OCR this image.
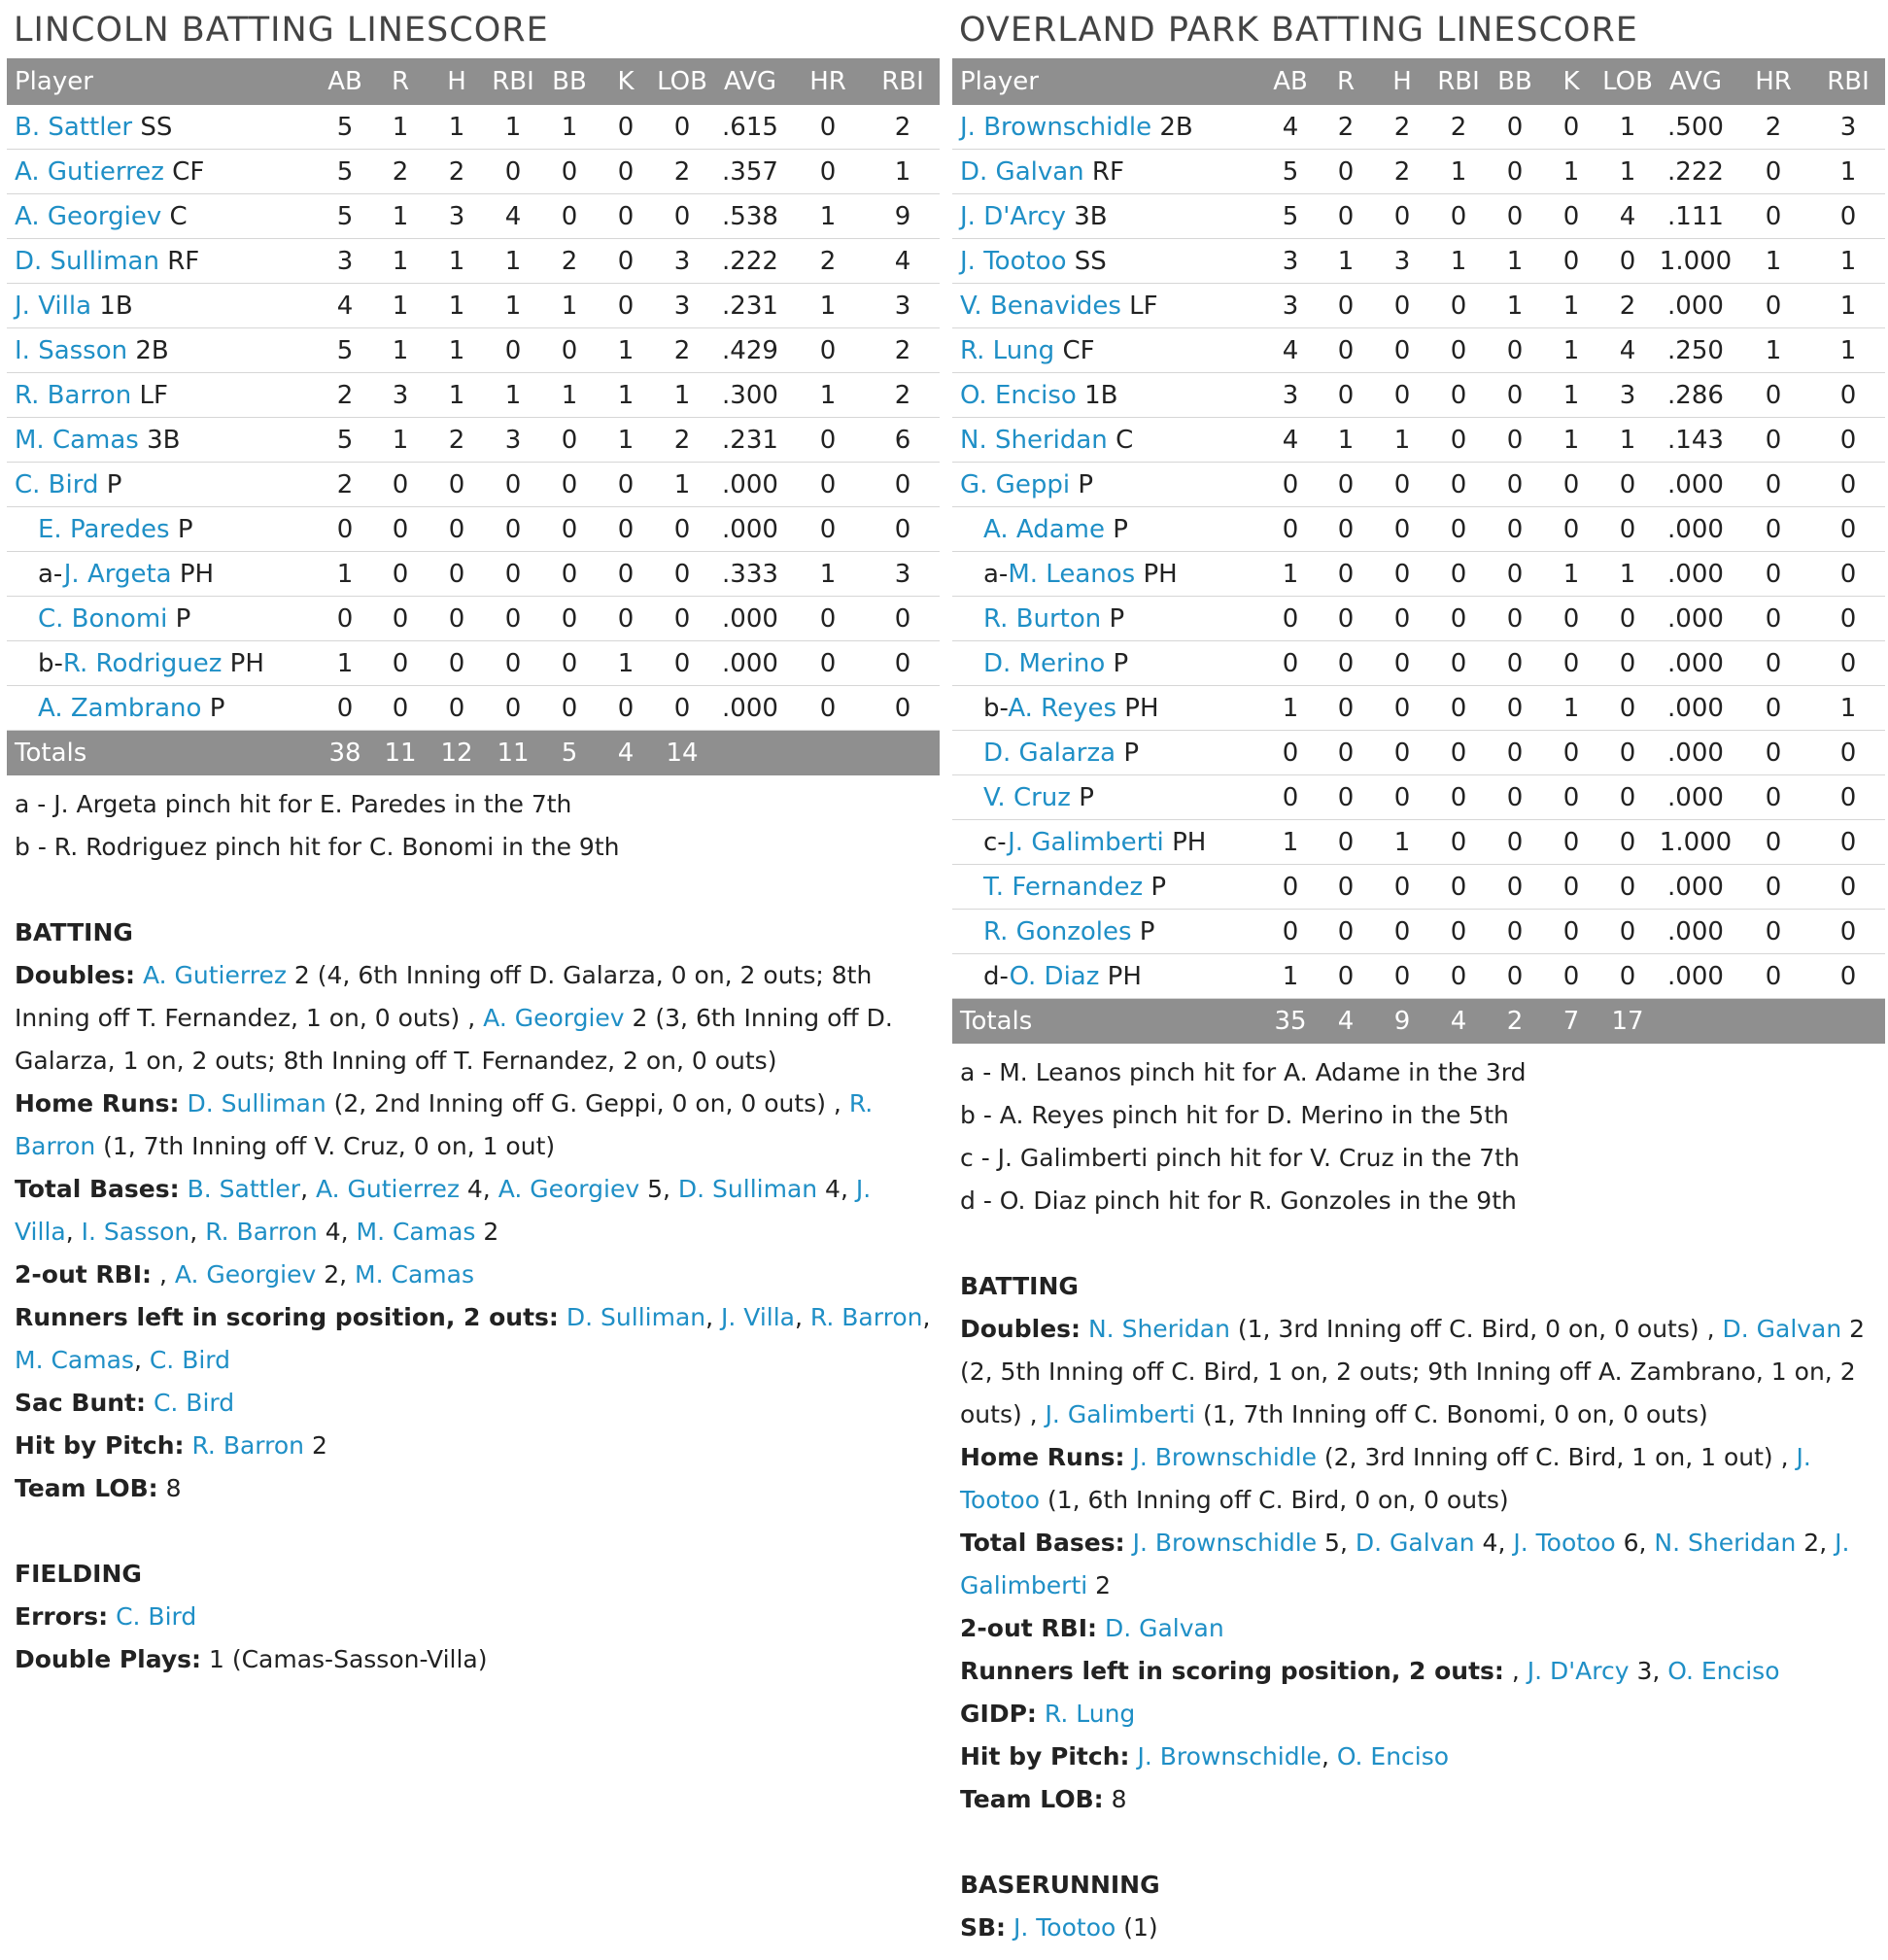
LINCOLN BATTING LINESCORE
Player	AB	R	H	RBI	BB	K	LOB	AVG	HR	RBI
B. Sattler SS	5	1	1	1	1	0	0	.615	0	2
A. Gutierrez CF	5	2	2	0	0	0	2	.357	0	1
A. Georgiev C	5	1	3	4	0	0	0	.538	1	9
D. Sulliman RF	3	1	1	1	2	0	3	.222	2	4
J. Villa 1B	4	1	1	1	1	0	3	.231	1	3
I. Sasson 2B	5	1	1	0	0	1	2	.429	0	2
R. Barron LF	2	3	1	1	1	1	1	.300	1	2
M. Camas 3B	5	1	2	3	0	1	2	.231	0	6
C. Bird P	2	0	0	0	0	0	1	.000	0	0
E. Paredes P	0	0	0	0	0	0	0	.000	0	0
a-J. Argeta PH	1	0	0	0	0	0	0	.333	1	3
C. Bonomi P	0	0	0	0	0	0	0	.000	0	0
b-R. Rodriguez PH	1	0	0	0	0	1	0	.000	0	0
A. Zambrano P	0	0	0	0	0	0	0	.000	0	0
Totals	38	11	12	11	5	4	14			
a - J. Argeta pinch hit for E. Paredes in the 7th
b - R. Rodriguez pinch hit for C. Bonomi in the 9th
BATTING
Doubles: A. Gutierrez 2 (4, 6th Inning off D. Galarza, 0 on, 2 outs; 8th Inning off T. Fernandez, 1 on, 0 outs) , A. Georgiev 2 (3, 6th Inning off D. Galarza, 1 on, 2 outs; 8th Inning off T. Fernandez, 2 on, 0 outs)
Home Runs: D. Sulliman (2, 2nd Inning off G. Geppi, 0 on, 0 outs) , R. Barron (1, 7th Inning off V. Cruz, 0 on, 1 out)
Total Bases: B. Sattler, A. Gutierrez 4, A. Georgiev 5, D. Sulliman 4, J. Villa, I. Sasson, R. Barron 4, M. Camas 2
2-out RBI: , A. Georgiev 2, M. Camas
Runners left in scoring position, 2 outs: D. Sulliman, J. Villa, R. Barron, M. Camas, C. Bird
Sac Bunt: C. Bird
Hit by Pitch: R. Barron 2
Team LOB: 8
FIELDING
Errors: C. Bird
Double Plays: 1 (Camas-Sasson-Villa)
OVERLAND PARK BATTING LINESCORE
Player	AB	R	H	RBI	BB	K	LOB	AVG	HR	RBI
J. Brownschidle 2B	4	2	2	2	0	0	1	.500	2	3
D. Galvan RF	5	0	2	1	0	1	1	.222	0	1
J. D'Arcy 3B	5	0	0	0	0	0	4	.111	0	0
J. Tootoo SS	3	1	3	1	1	0	0	1.000	1	1
V. Benavides LF	3	0	0	0	1	1	2	.000	0	1
R. Lung CF	4	0	0	0	0	1	4	.250	1	1
O. Enciso 1B	3	0	0	0	0	1	3	.286	0	0
N. Sheridan C	4	1	1	0	0	1	1	.143	0	0
G. Geppi P	0	0	0	0	0	0	0	.000	0	0
A. Adame P	0	0	0	0	0	0	0	.000	0	0
a-M. Leanos PH	1	0	0	0	0	1	1	.000	0	0
R. Burton P	0	0	0	0	0	0	0	.000	0	0
D. Merino P	0	0	0	0	0	0	0	.000	0	0
b-A. Reyes PH	1	0	0	0	0	1	0	.000	0	1
D. Galarza P	0	0	0	0	0	0	0	.000	0	0
V. Cruz P	0	0	0	0	0	0	0	.000	0	0
c-J. Galimberti PH	1	0	1	0	0	0	0	1.000	0	0
T. Fernandez P	0	0	0	0	0	0	0	.000	0	0
R. Gonzoles P	0	0	0	0	0	0	0	.000	0	0
d-O. Diaz PH	1	0	0	0	0	0	0	.000	0	0
Totals	35	4	9	4	2	7	17			
a - M. Leanos pinch hit for A. Adame in the 3rd
b - A. Reyes pinch hit for D. Merino in the 5th
c - J. Galimberti pinch hit for V. Cruz in the 7th
d - O. Diaz pinch hit for R. Gonzoles in the 9th
BATTING
Doubles: N. Sheridan (1, 3rd Inning off C. Bird, 0 on, 0 outs) , D. Galvan 2 (2, 5th Inning off C. Bird, 1 on, 2 outs; 9th Inning off A. Zambrano, 1 on, 2 outs) , J. Galimberti (1, 7th Inning off C. Bonomi, 0 on, 0 outs)
Home Runs: J. Brownschidle (2, 3rd Inning off C. Bird, 1 on, 1 out) , J. Tootoo (1, 6th Inning off C. Bird, 0 on, 0 outs)
Total Bases: J. Brownschidle 5, D. Galvan 4, J. Tootoo 6, N. Sheridan 2, J. Galimberti 2
2-out RBI: D. Galvan
Runners left in scoring position, 2 outs: , J. D'Arcy 3, O. Enciso
GIDP: R. Lung
Hit by Pitch: J. Brownschidle, O. Enciso
Team LOB: 8
BASERUNNING
SB: J. Tootoo (1)
